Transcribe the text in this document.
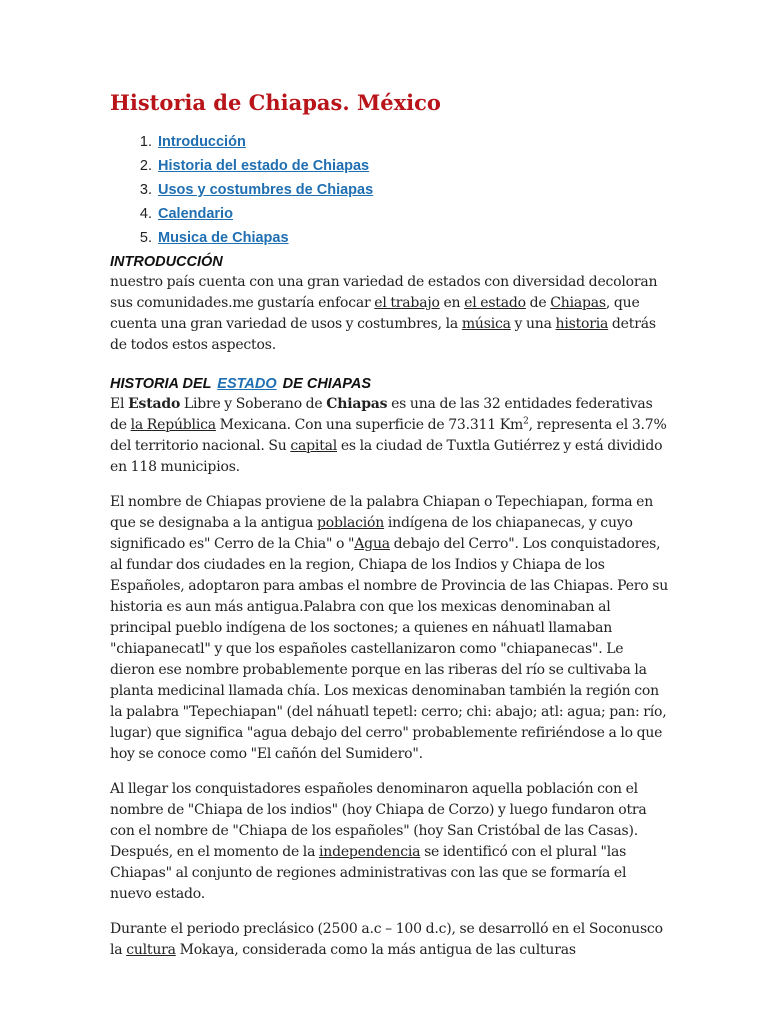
Historia de Chiapas. México
1. Introducción
2. Historia del estado de Chiapas
3. Usos y costumbres de Chiapas
4. Calendario
5. Musica de Chiapas
INTRODUCCIÓN

nuestro país cuenta con una gran variedad de estados con diversidad decoloran sus comunidades.me gustaría enfocar el trabajo en el estado de Chiapas, que cuenta una gran variedad de usos y costumbres, la música y una historia detrás de todos estos aspectos.

HISTORIA DEL ESTADO DE CHIAPAS

El Estado Libre y Soberano de Chiapas es una de las 32 entidades federativas de la República Mexicana. Con una superficie de 73.311 Km$^2$, representa el 3.7% del territorio nacional. Su capital es la ciudad de Tuxtla Gutiérrez y está dividido en 118 municipios.

El nombre de Chiapas proviene de la palabra Chiapan o Tepechiapan, forma en que se designaba a la antigua población indígena de los chiapanecas, y cuyo significado es" Cerro de la Chia" o "Agua debajo del Cerro". Los conquistadores, al fundar dos ciudades en la region, Chiapa de los Indios y Chiapa de los Españoles, adoptaron para ambas el nombre de Provincia de las Chiapas. Pero su historia es aun más antigua.Palabra con que los mexicas denominaban al principal pueblo indígena de los soctones; a quienes en náhuatl llamaban "chiapanecatl" y que los españoles castellanizaron como "chiapanecas". Le dieron ese nombre probablemente porque en las riberas del río se cultivaba la planta medicinal llamada chía. Los mexicas denominaban también la región con la palabra "Tepechiapan" (del náhuatl tepetl: cerro; chi: abajo; atl: agua; pan: río, lugar) que significa "agua debajo del cerro" probablemente refiriéndose a lo que hoy se conoce como "El cañón del Sumidero".

Al llegar los conquistadores españoles denominaron aquella población con el nombre de "Chiapa de los indios" (hoy Chiapa de Corzo) y luego fundaron otra con el nombre de "Chiapa de los españoles" (hoy San Cristóbal de las Casas). Después, en el momento de la independencia se identificó con el plural "las Chiapas" al conjunto de regiones administrativas con las que se formaría el nuevo estado.

Durante el periodo preclásico (2500 a.c – 100 d.c), se desarrolló en el Soconusco la cultura Mokaya, considerada como la más antigua de las culturas
